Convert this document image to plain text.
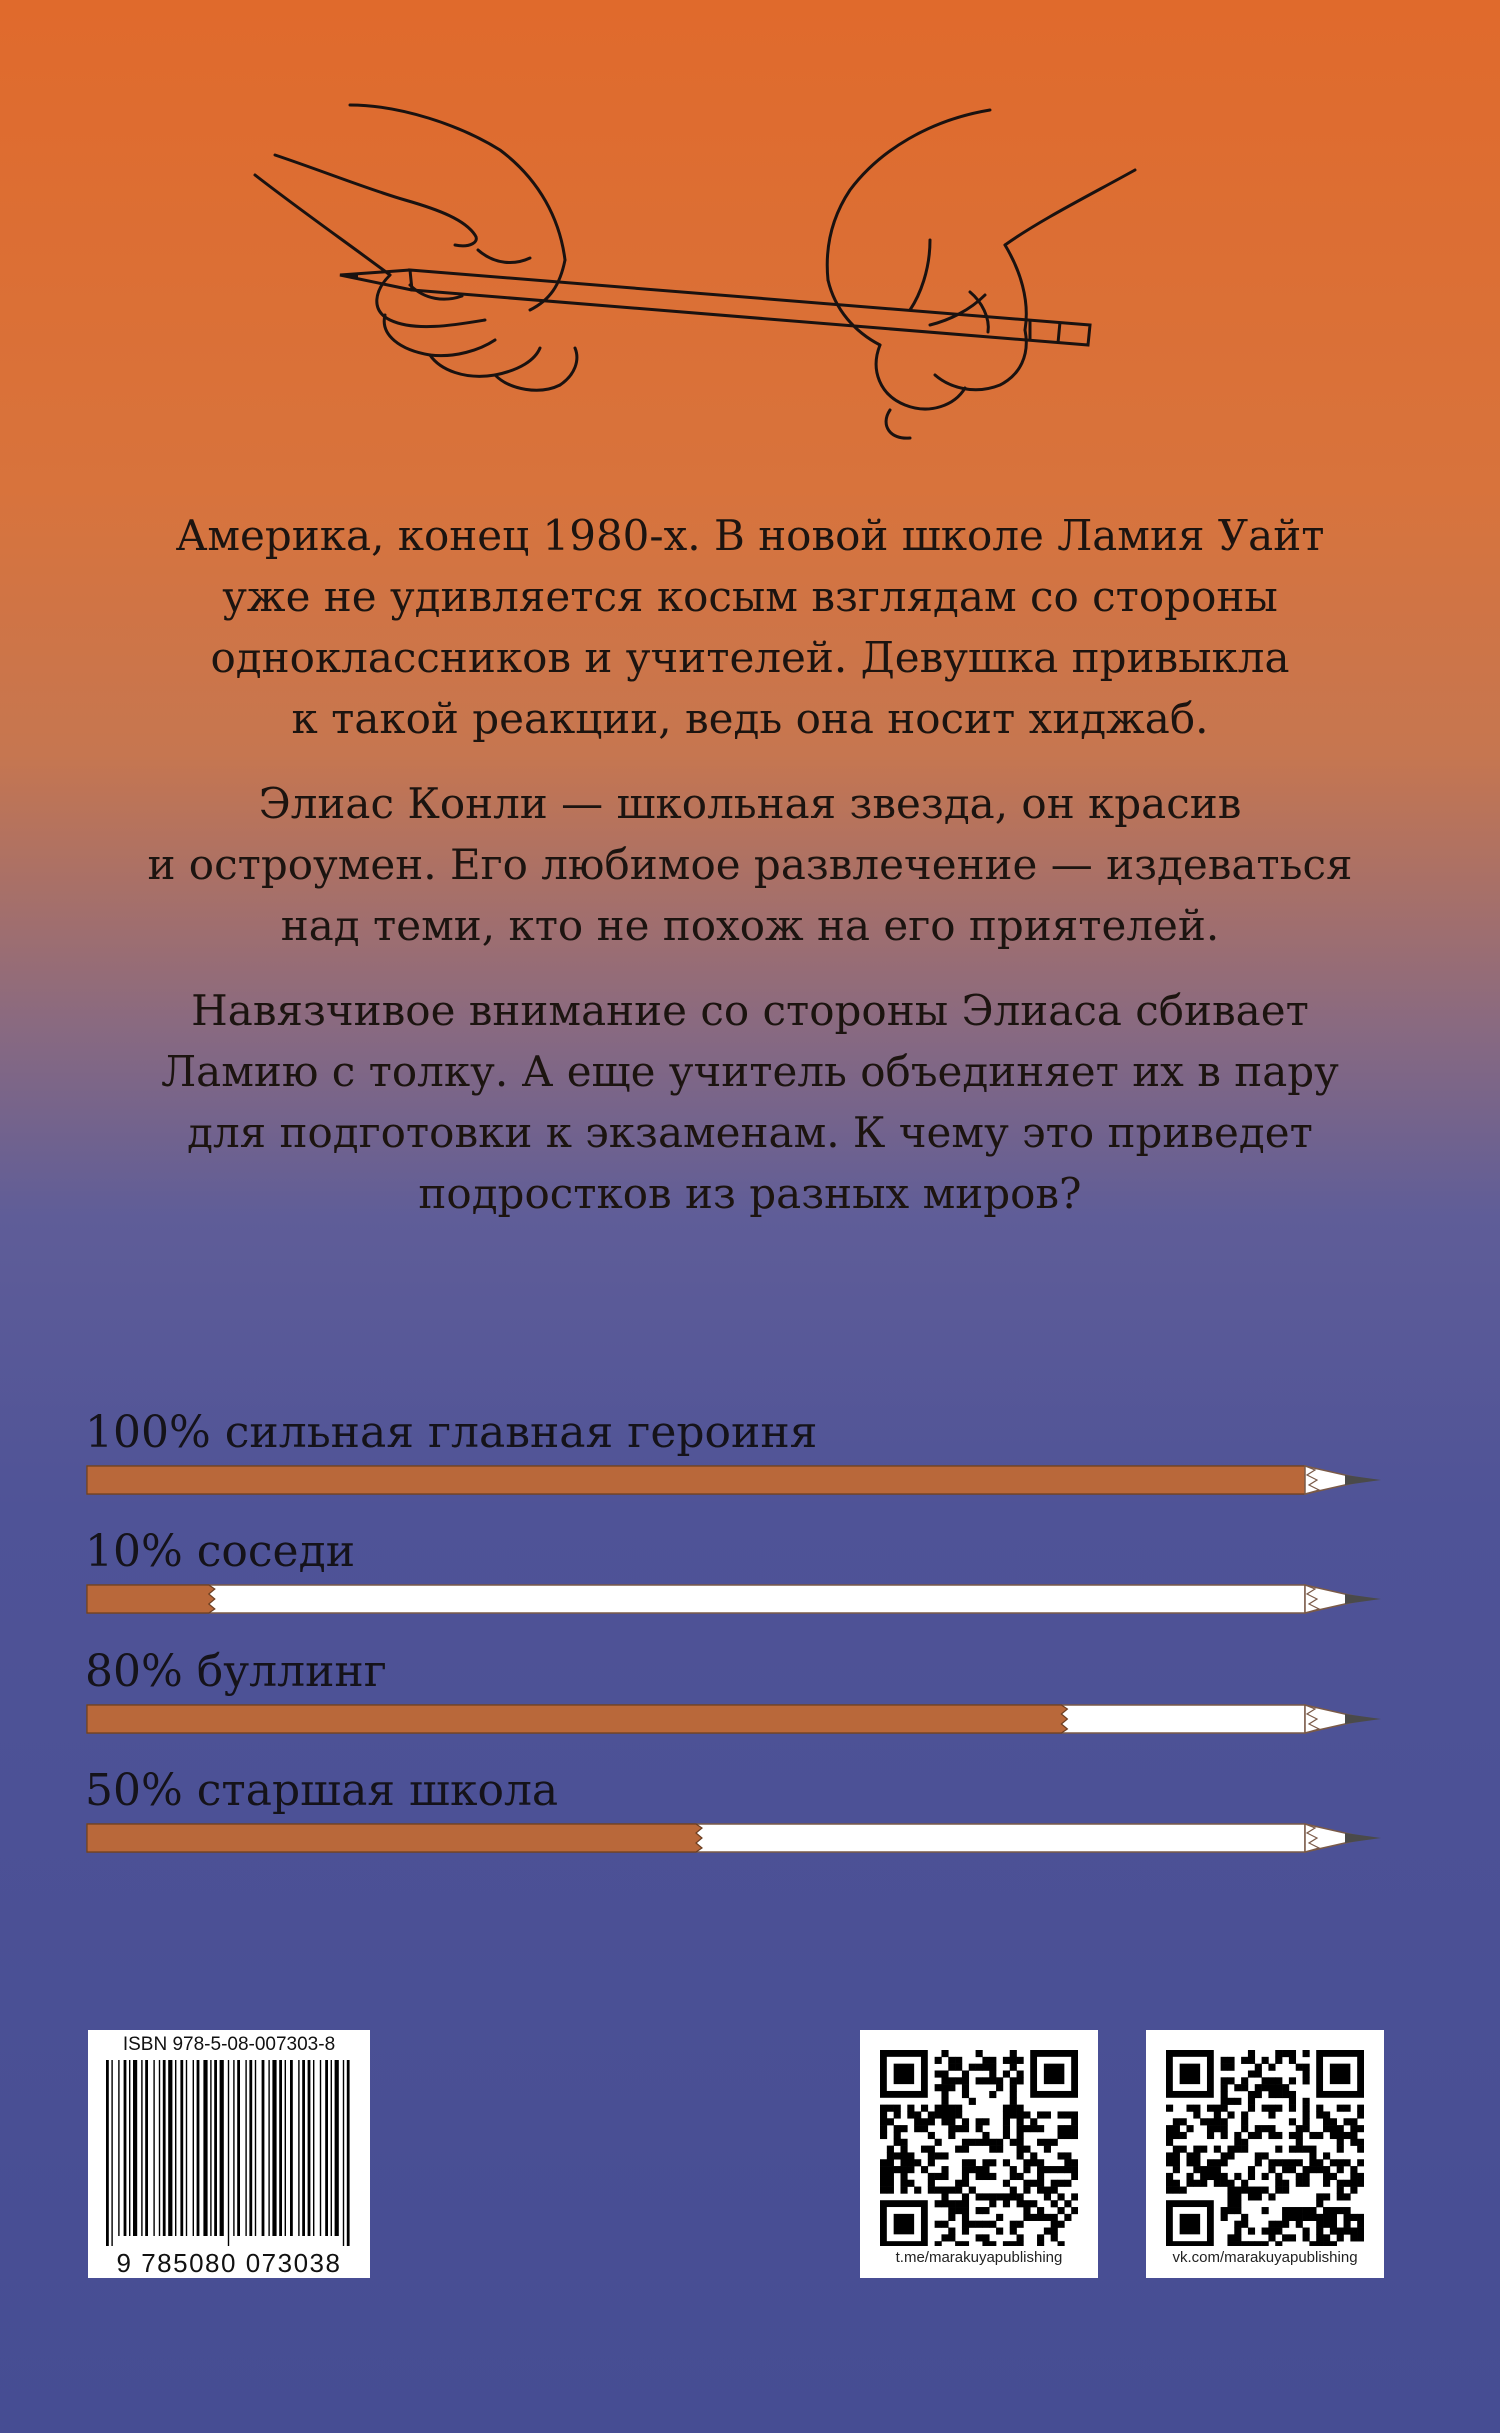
Америка, конец 1980-х. В новой школе Ламия Уайт
уже не удивляется косым взглядам со стороны
одноклассников и учителей. Девушка привыкла
к такой реакции, ведь она носит хиджаб.

Элиас Конли — школьная звезда, он красив
и остроумен. Его любимое развлечение — издеваться
над теми, кто не похож на его приятелей.

Навязчивое внимание со стороны Элиаса сбивает
Ламию с толку. А еще учитель объединяет их в пару
для подготовки к экзаменам. К чему это приведет
подростков из разных миров?

100% сильная главная героиня
10% соседи
80% буллинг
50% старшая школа
ISBN 978-5-08-007303-8
9 785080 073038	t.me/marakuyapublishing	vk.com/marakuyapublishing
